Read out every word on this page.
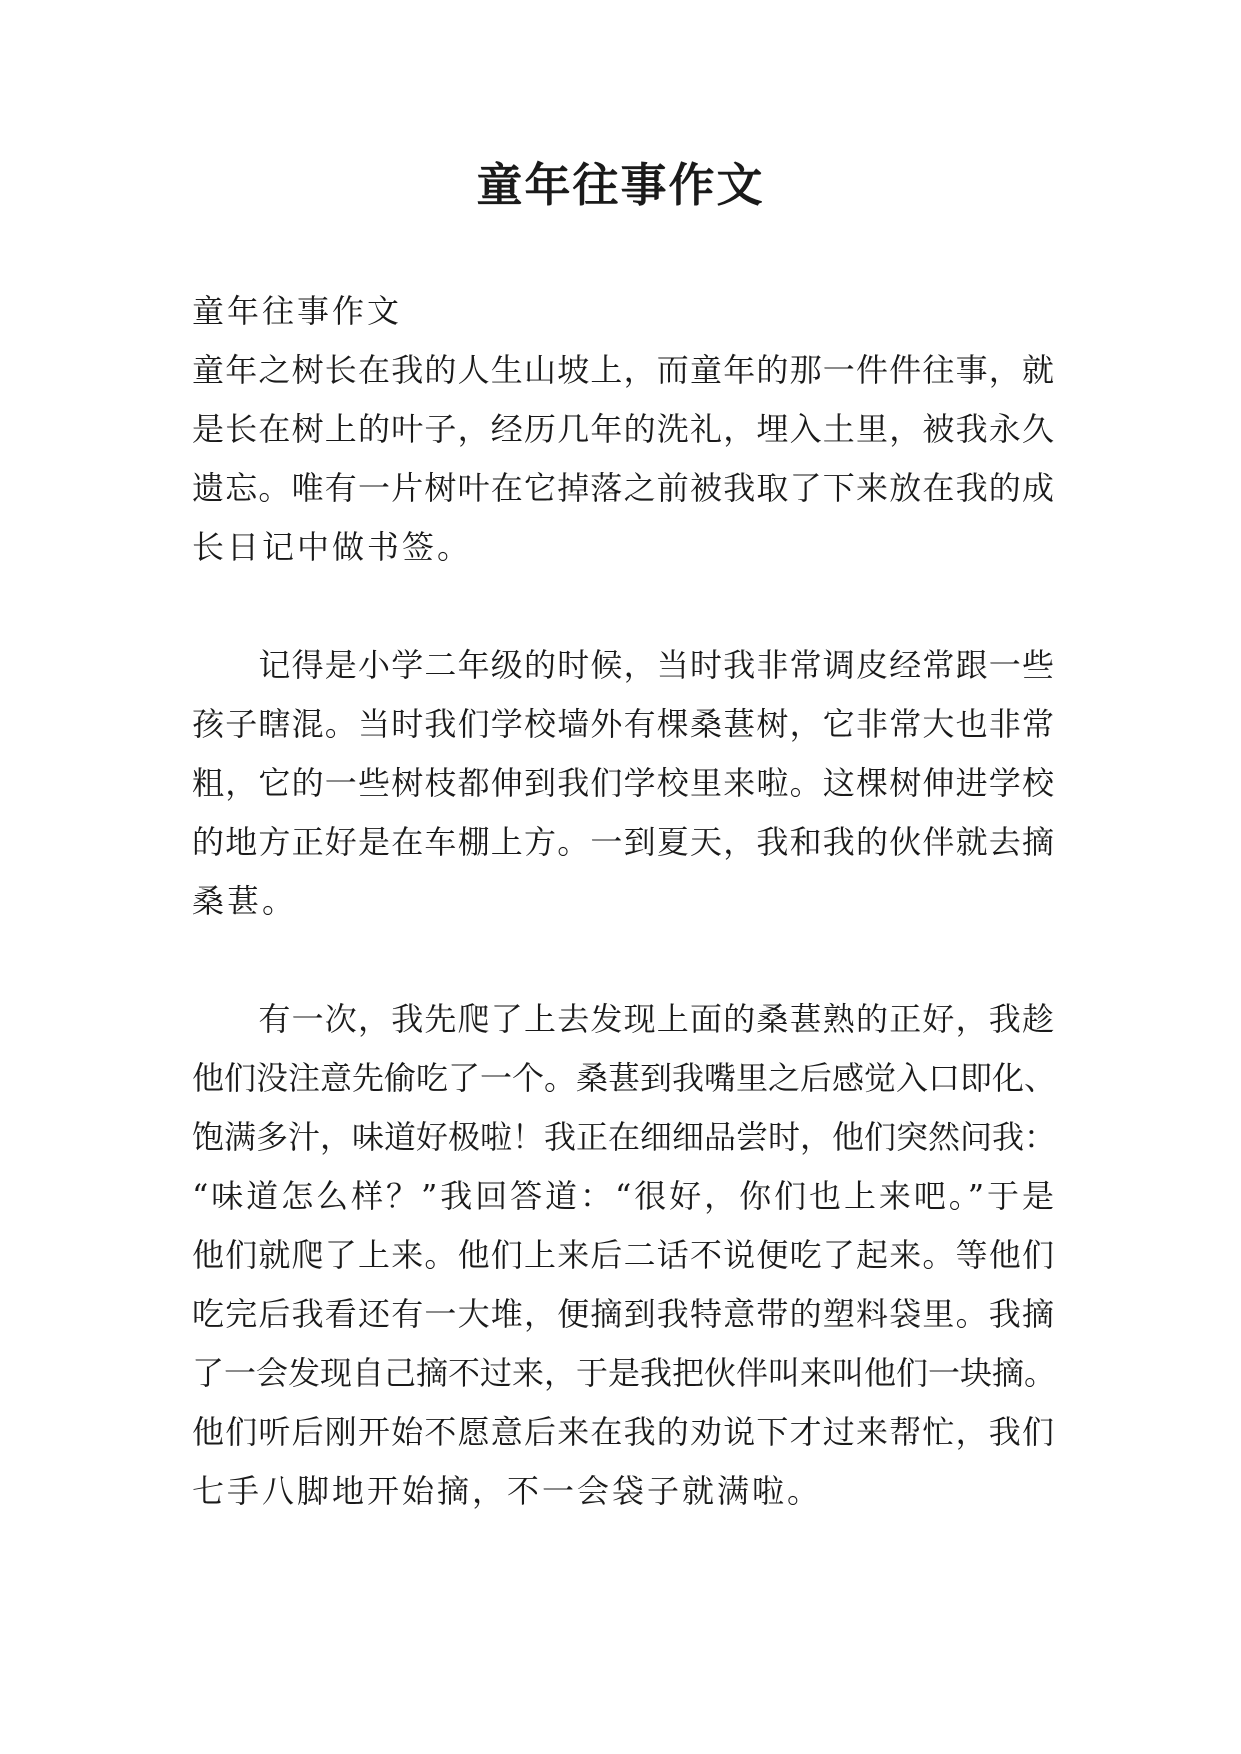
童年往事作文

童年往事作文

童年之树长在我的人生山坡上，而童年的那一件件往事，就

是长在树上的叶子，经历几年的洗礼，埋入土里，被我永久

遗忘。唯有一片树叶在它掉落之前被我取了下来放在我的成

长日记中做书签。

　　记得是小学二年级的时候，当时我非常调皮经常跟一些

孩子瞎混。当时我们学校墙外有棵桑葚树，它非常大也非常

粗，它的一些树枝都伸到我们学校里来啦。这棵树伸进学校

的地方正好是在车棚上方。一到夏天，我和我的伙伴就去摘

桑葚。

　　有一次，我先爬了上去发现上面的桑葚熟的正好，我趁

他们没注意先偷吃了一个。桑葚到我嘴里之后感觉入口即化、

饱满多汁，味道好极啦！我正在细细品尝时，他们突然问我：

“味道怎么样？”我回答道：“很好，你们也上来吧。”于是

他们就爬了上来。他们上来后二话不说便吃了起来。等他们

吃完后我看还有一大堆，便摘到我特意带的塑料袋里。我摘

了一会发现自己摘不过来，于是我把伙伴叫来叫他们一块摘。

他们听后刚开始不愿意后来在我的劝说下才过来帮忙，我们

七手八脚地开始摘，不一会袋子就满啦。
